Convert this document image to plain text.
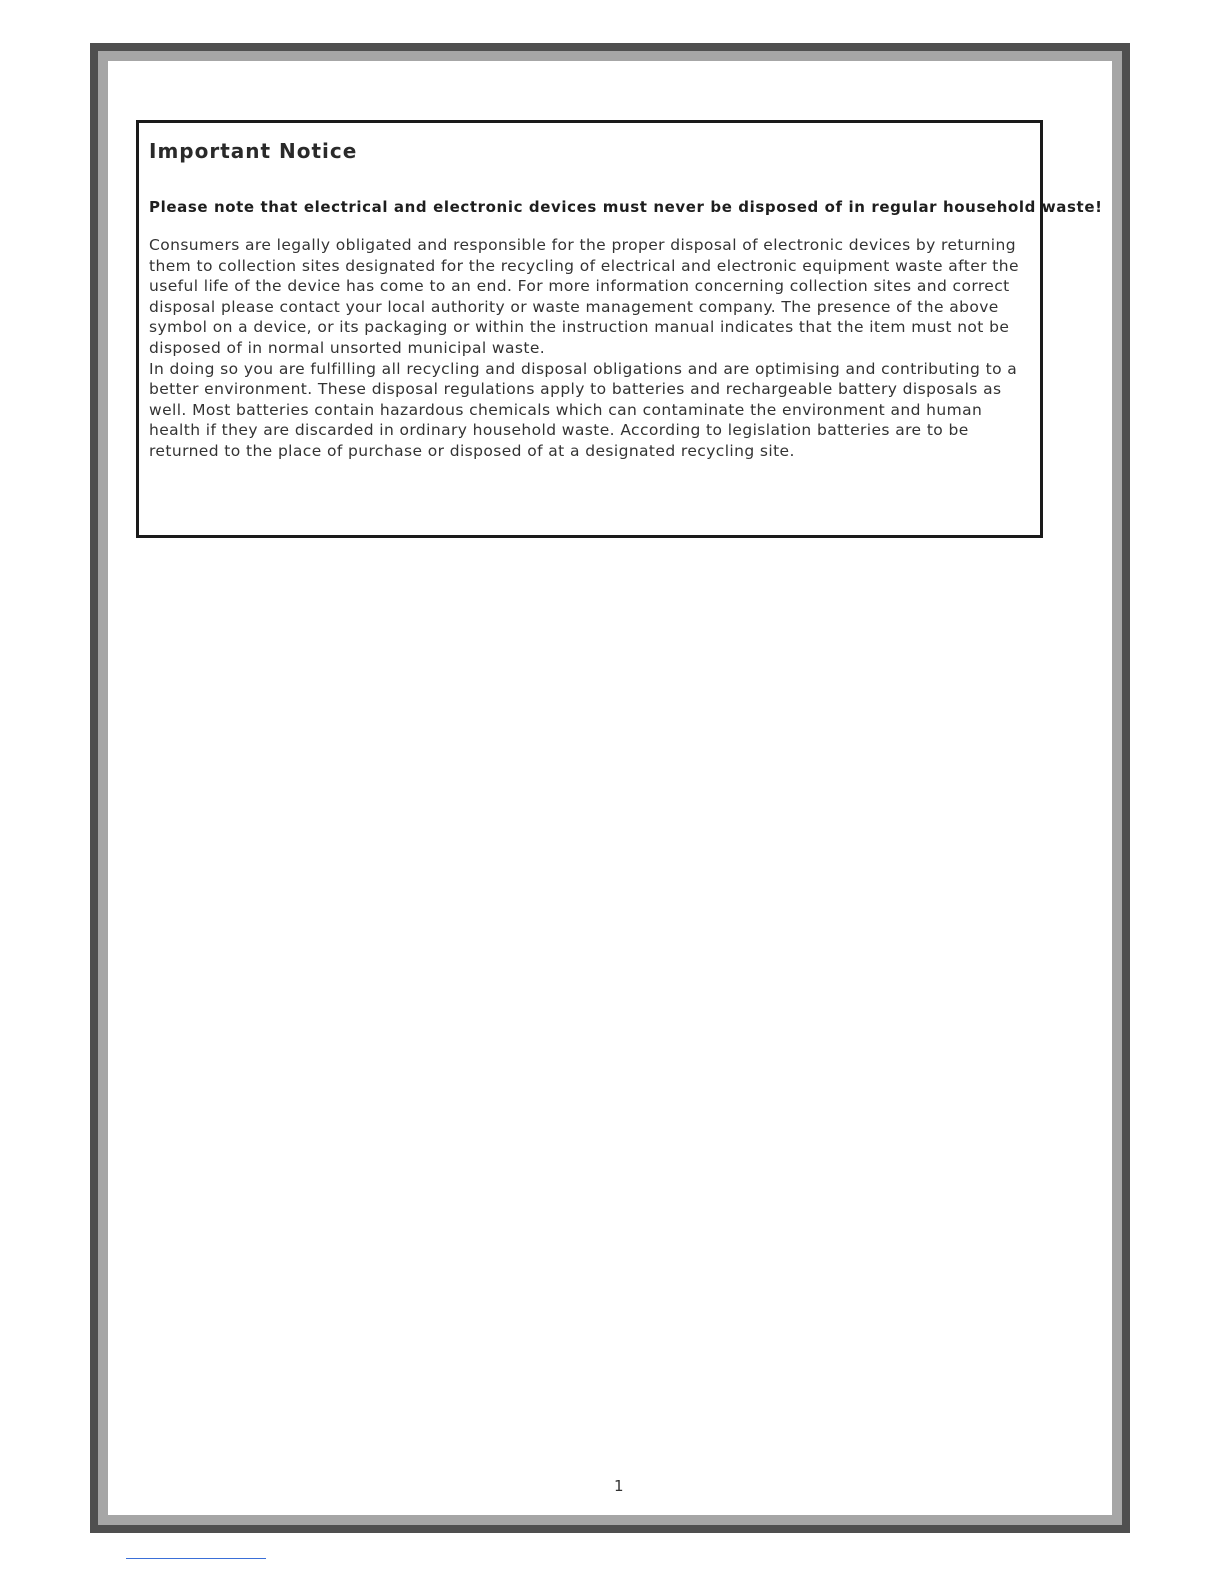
Important Notice
Please note that electrical and electronic devices must never be disposed of in regular household waste!

Consumers are legally obligated and responsible for the proper disposal of electronic devices by returning them to collection sites designated for the recycling of electrical and electronic equipment waste after the useful life of the device has come to an end. For more information concerning collection sites and correct disposal please contact your local authority or waste management company. The presence of the above symbol on a device, or its packaging or within the instruction manual indicates that the item must not be disposed of in normal unsorted municipal waste.

In doing so you are fulfilling all recycling and disposal obligations and are optimising and contributing to a better environment. These disposal regulations apply to batteries and rechargeable battery disposals as well. Most batteries contain hazardous chemicals which can contaminate the environment and human health if they are discarded in ordinary household waste. According to legislation batteries are to be returned to the place of purchase or disposed of at a designated recycling site.

1
